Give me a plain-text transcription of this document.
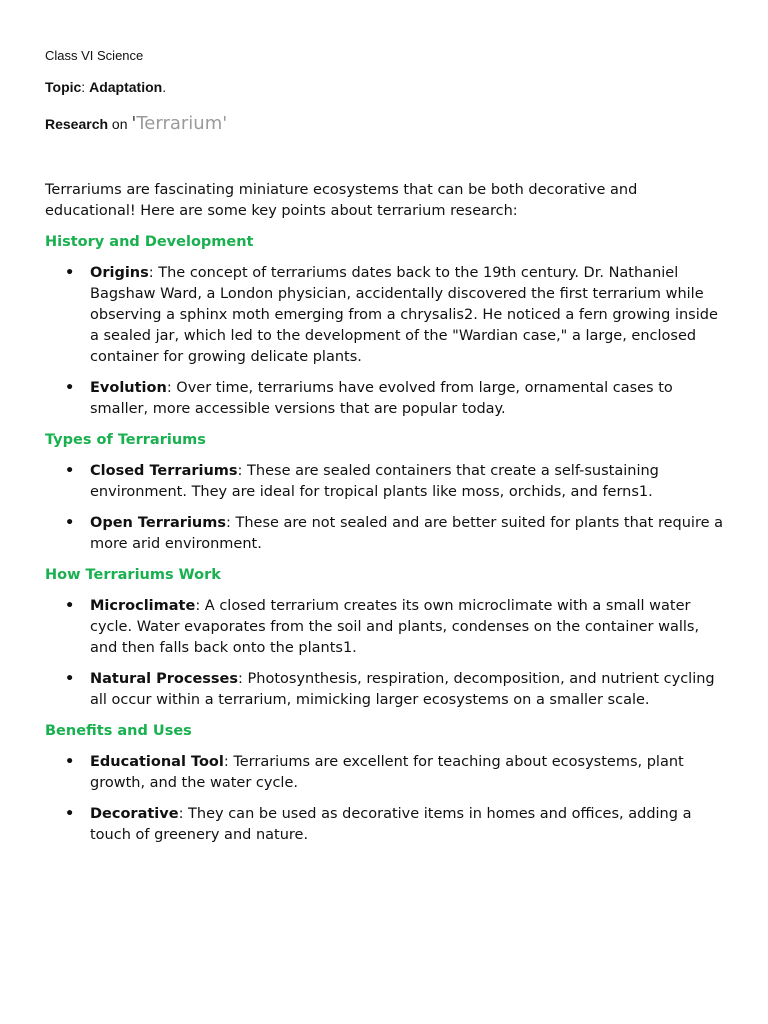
Class VI Science
Topic: Adaptation.
Research on 'Terrarium'

Terrariums are fascinating miniature ecosystems that can be both decorative and educational! Here are some key points about terrarium research:

History and Development
• Origins: The concept of terrariums dates back to the 19th century. Dr. Nathaniel Bagshaw Ward, a London physician, accidentally discovered the first terrarium while observing a sphinx moth emerging from a chrysalis2. He noticed a fern growing inside a sealed jar, which led to the development of the "Wardian case," a large, enclosed container for growing delicate plants.
• Evolution: Over time, terrariums have evolved from large, ornamental cases to smaller, more accessible versions that are popular today.
Types of Terrariums
• Closed Terrariums: These are sealed containers that create a self-sustaining environment. They are ideal for tropical plants like moss, orchids, and ferns1.
• Open Terrariums: These are not sealed and are better suited for plants that require a more arid environment.
How Terrariums Work
• Microclimate: A closed terrarium creates its own microclimate with a small water cycle. Water evaporates from the soil and plants, condenses on the container walls, and then falls back onto the plants1.
• Natural Processes: Photosynthesis, respiration, decomposition, and nutrient cycling all occur within a terrarium, mimicking larger ecosystems on a smaller scale.
Benefits and Uses
• Educational Tool: Terrariums are excellent for teaching about ecosystems, plant growth, and the water cycle.
• Decorative: They can be used as decorative items in homes and offices, adding a touch of greenery and nature.
